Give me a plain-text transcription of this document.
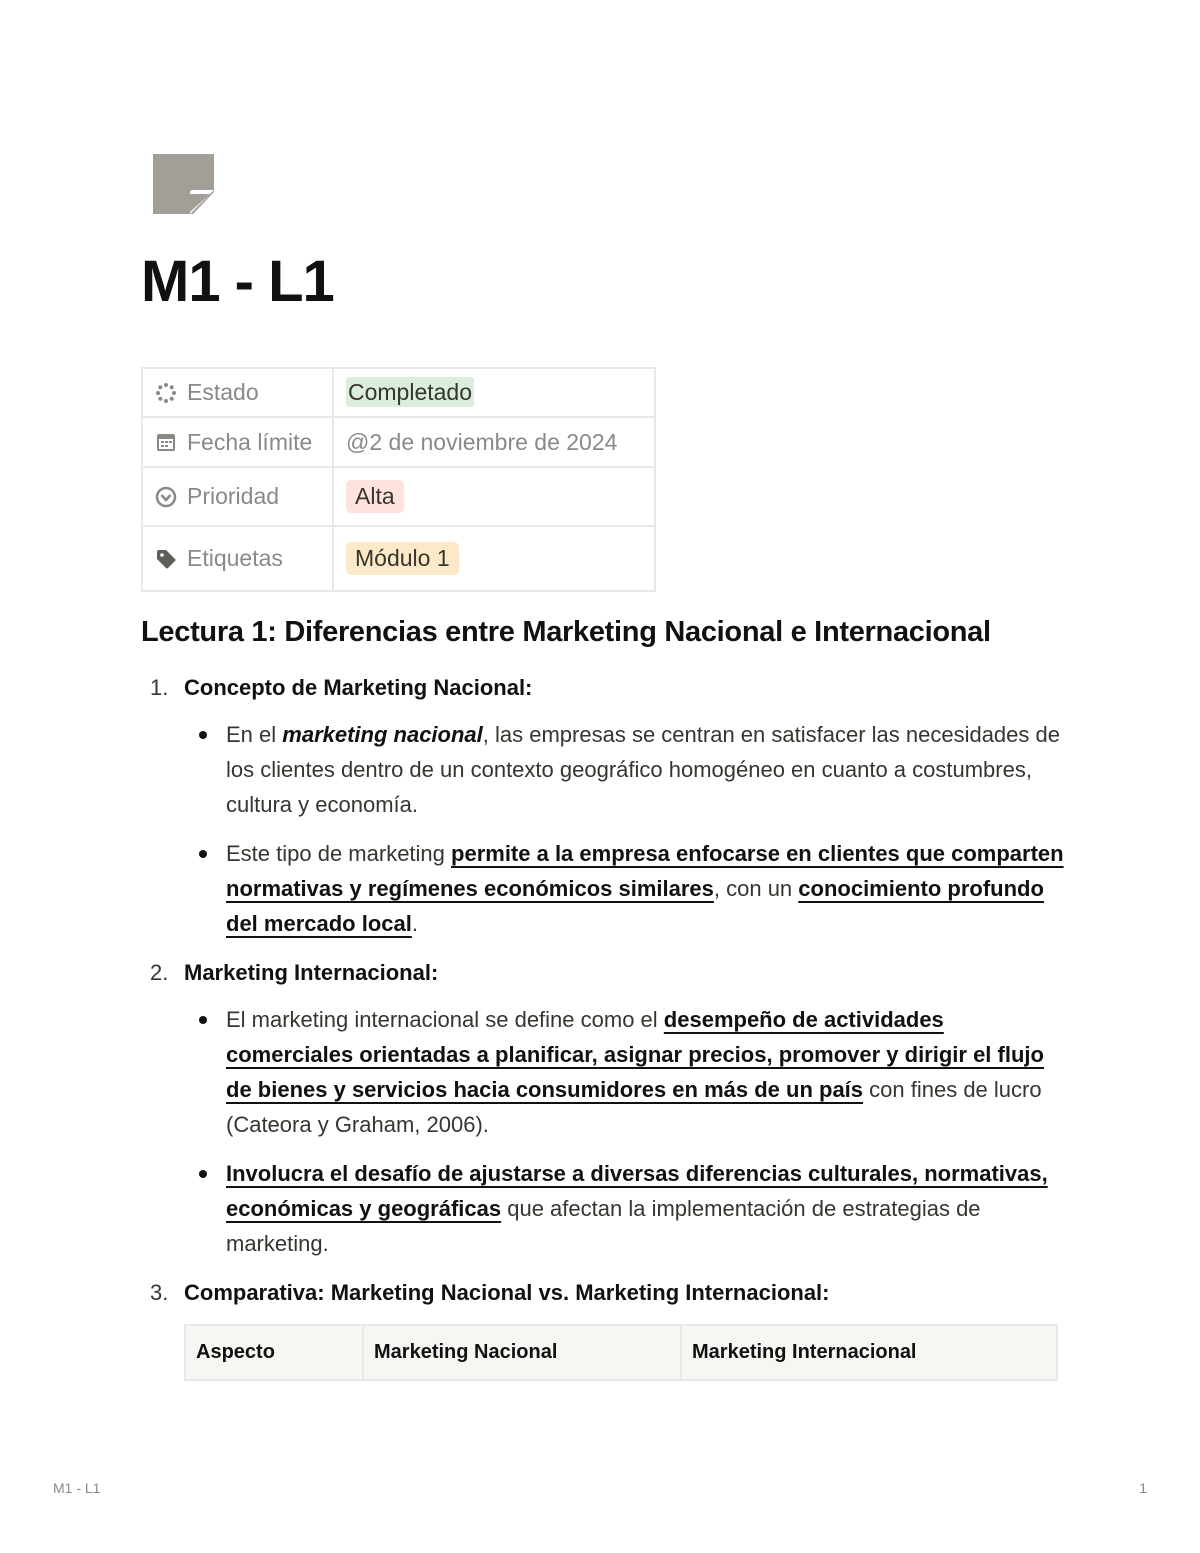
M1 - L1
Estado	Completado

Fecha límite	@2 de noviembre de 2024

Prioridad	Alta

Etiquetas	Módulo 1
Lectura 1: Diferencias entre Marketing Nacional e Internacional
1. Concepto de Marketing Nacional:
En el marketing nacional, las empresas se centran en satisfacer las necesidades de los clientes dentro de un contexto geográfico homogéneo en cuanto a costumbres, cultura y economía.
Este tipo de marketing permite a la empresa enfocarse en clientes que comparten normativas y regímenes económicos similares, con un conocimiento profundo del mercado local.
2. Marketing Internacional:
El marketing internacional se define como el desempeño de actividades comerciales orientadas a planificar, asignar precios, promover y dirigir el flujo de bienes y servicios hacia consumidores en más de un país con fines de lucro (Cateora y Graham, 2006).
Involucra el desafío de ajustarse a diversas diferencias culturales, normativas, económicas y geográficas que afectan la implementación de estrategias de marketing.
3. Comparativa: Marketing Nacional vs. Marketing Internacional:
Aspecto	Marketing Nacional	Marketing Internacional
M1 - L1	1
